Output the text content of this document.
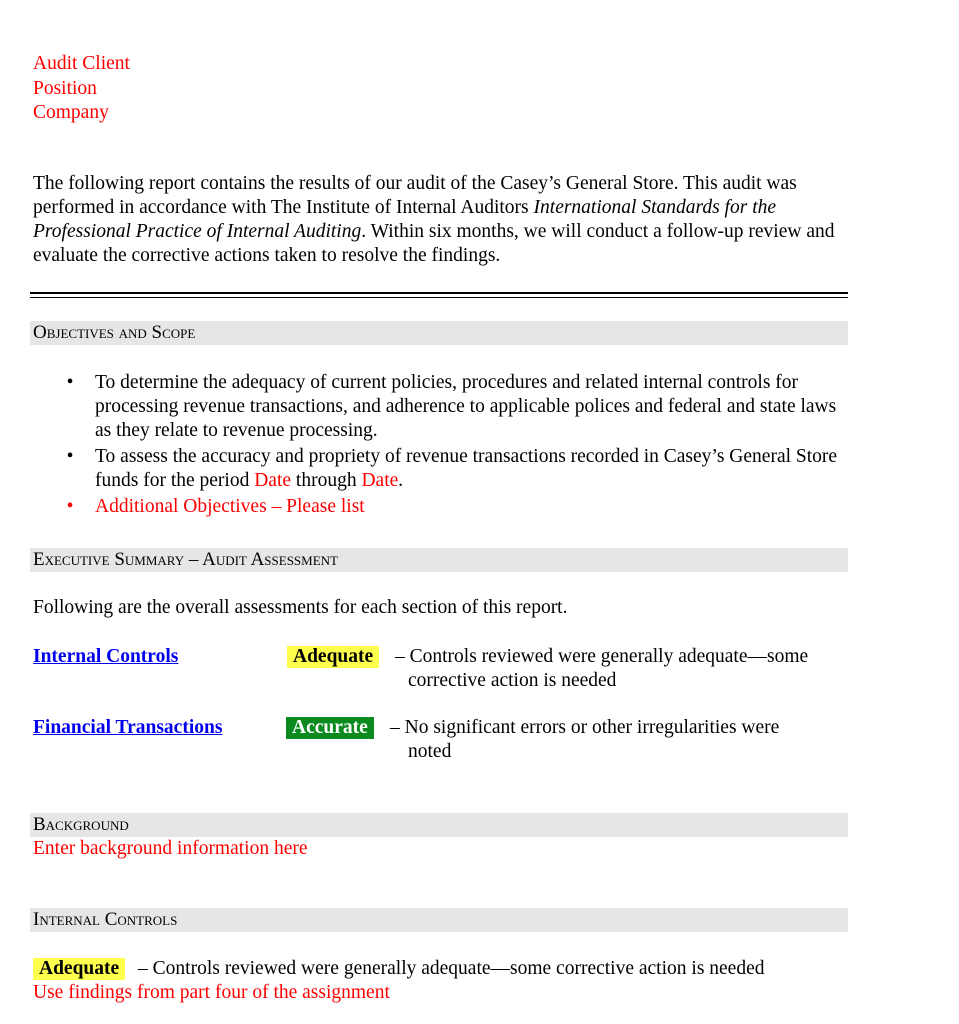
Audit Client
Position
Company
The following report contains the results of our audit of the Casey’s General Store. This audit was performed in accordance with The Institute of Internal Auditors International Standards for the Professional Practice of Internal Auditing. Within six months, we will conduct a follow-up review and evaluate the corrective actions taken to resolve the findings.
Objectives and Scope
•	To determine the adequacy of current policies, procedures and related internal controls for processing revenue transactions, and adherence to applicable polices and federal and state laws as they relate to revenue processing.
•	To assess the accuracy and propriety of revenue transactions recorded in Casey’s General Store funds for the period Date through Date.
•	Additional Objectives – Please list
Executive Summary – Audit Assessment
Following are the overall assessments for each section of this report.
Internal Controls	Adequate	– Controls reviewed were generally adequate—some
corrective action is needed
Financial Transactions	Accurate	– No significant errors or other irregularities were
noted
Background
Enter background information here
Internal Controls
Adequate – Controls reviewed were generally adequate—some corrective action is needed
Use findings from part four of the assignment
